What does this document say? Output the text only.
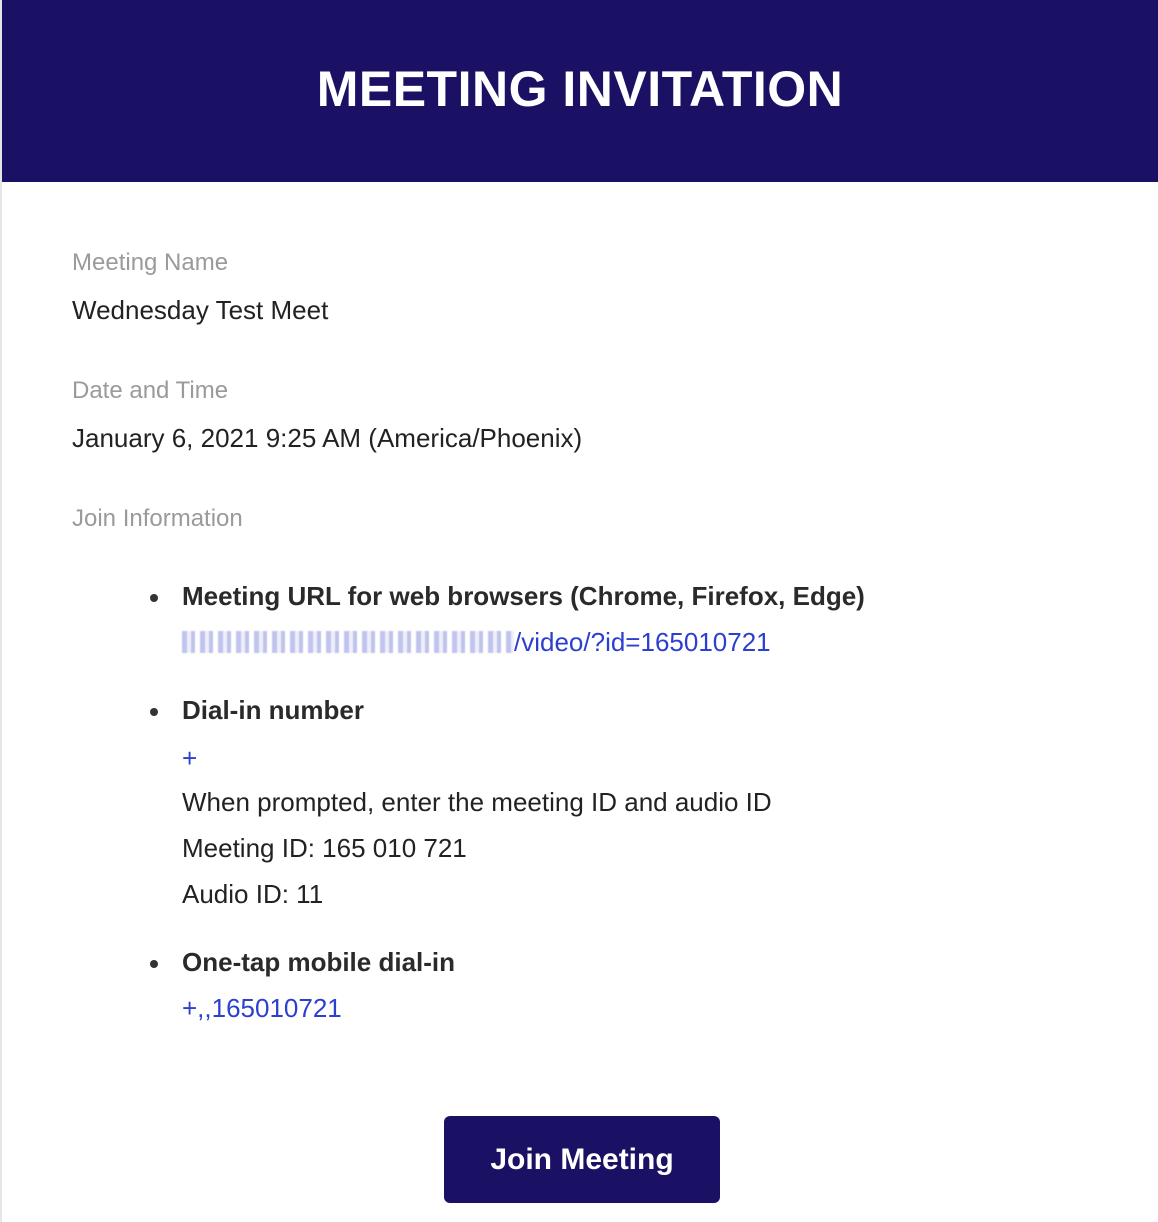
MEETING INVITATION
Meeting Name
Wednesday Test Meet
Date and Time
January 6, 2021 9:25 AM (America/Phoenix)
Join Information
Meeting URL for web browsers (Chrome, Firefox, Edge)
/video/?id=165010721
Dial-in number
+
When prompted, enter the meeting ID and audio ID
Meeting ID: 165 010 721
Audio ID: 11
One-tap mobile dial-in
+,,165010721
Join Meeting
